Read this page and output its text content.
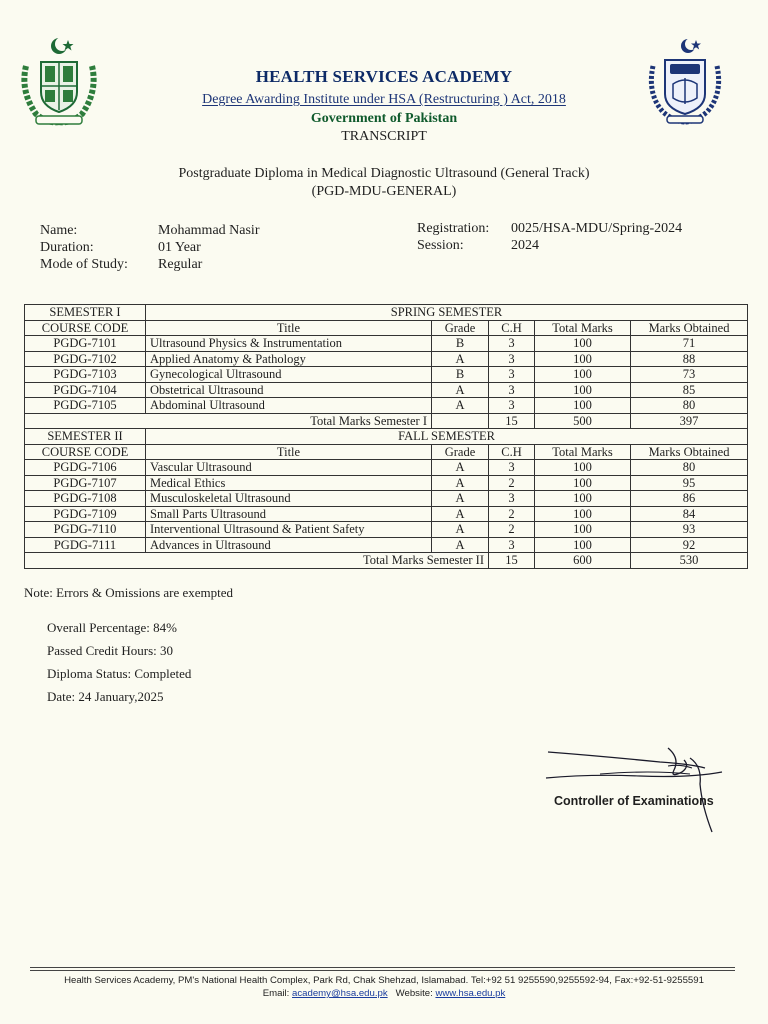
HEALTH SERVICES ACADEMY
Degree Awarding Institute under HSA (Restructuring ) Act, 2018
Government of Pakistan
TRANSCRIPT
Postgraduate Diploma in Medical Diagnostic Ultrasound (General Track)
(PGD-MDU-GENERAL)
Name:	Mohammad Nasir
Duration:	01 Year
Mode of Study: Regular
Registration: 0025/HSA-MDU/Spring-2024
Session:	2024
SEMESTER I	SPRING SEMESTER				
COURSE CODE	Title	Grade	C.H	Total Marks	Marks Obtained
PGDG-7101	Ultrasound Physics & Instrumentation	B	3	100	71
PGDG-7102	Applied Anatomy & Pathology	A	3	100	88
PGDG-7103	Gynecological Ultrasound	B	3	100	73
PGDG-7104	Obstetrical Ultrasound	A	3	100	85
PGDG-7105	Abdominal Ultrasound	A	3	100	80
Total Marks Semester I			15	500	397
SEMESTER II	FALL SEMESTER				
COURSE CODE	Title	Grade	C.H	Total Marks	Marks Obtained
PGDG-7106	Vascular Ultrasound	A	3	100	80
PGDG-7107	Medical Ethics	A	2	100	95
PGDG-7108	Musculoskeletal Ultrasound	A	3	100	86
PGDG-7109	Small Parts Ultrasound	A	2	100	84
PGDG-7110	Interventional Ultrasound & Patient Safety	A	2	100	93
PGDG-7111	Advances in Ultrasound	A	3	100	92
Total Marks Semester II			15	600	530
Note: Errors & Omissions are exempted
Overall Percentage: 84%
Passed Credit Hours: 30
Diploma Status: Completed
Date: 24 January,2025
Controller of Examinations
Health Services Academy, PM's National Health Complex, Park Rd, Chak Shehzad, Islamabad. Tel:+92 51 9255590,9255592-94, Fax:+92-51-9255591
Email: academy@hsa.edu.pk Website: www.hsa.edu.pk
